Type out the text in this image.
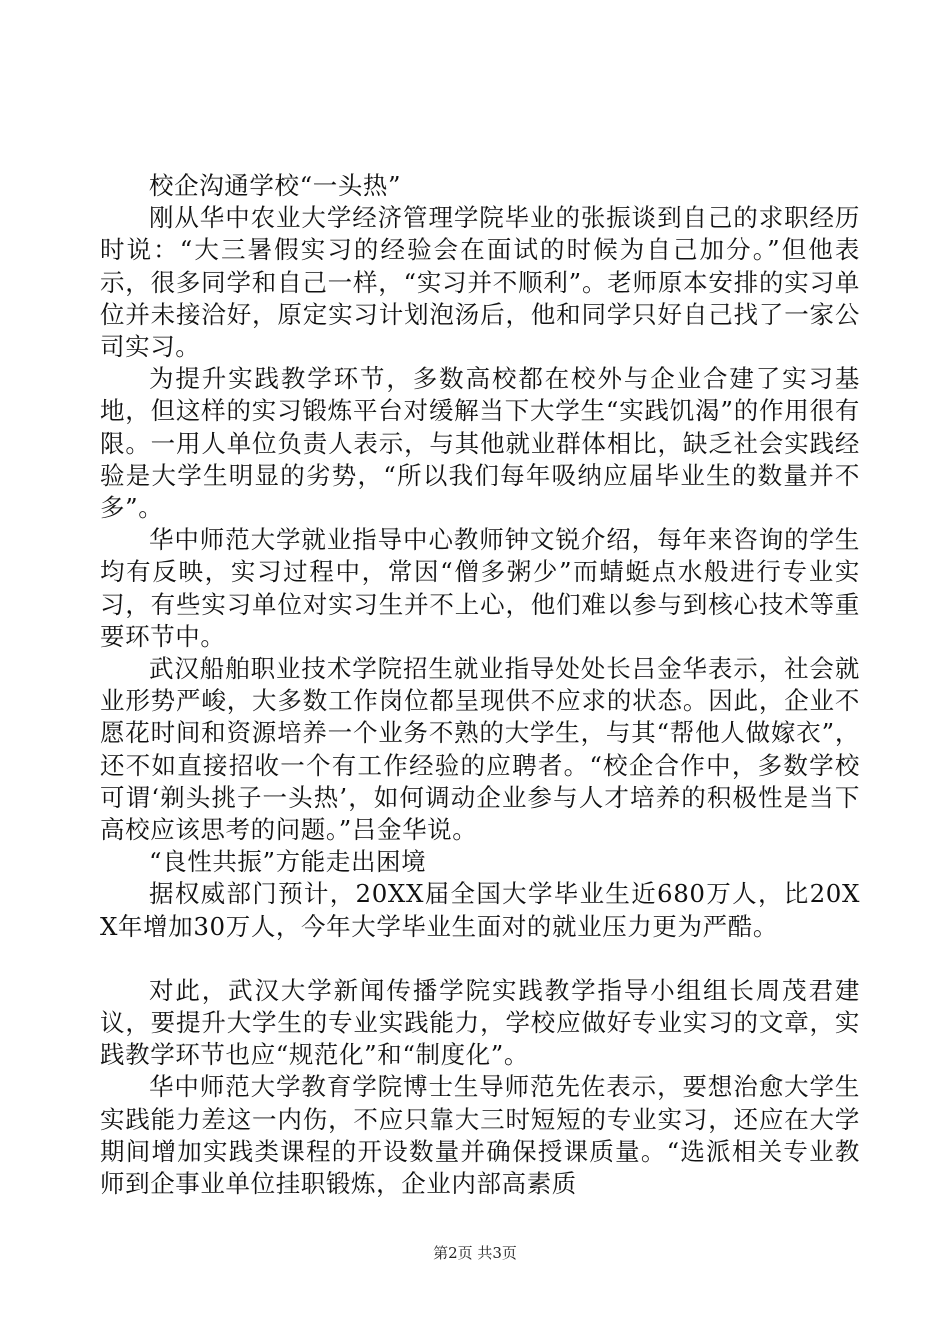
校企沟通学校“一头热”

刚从华中农业大学经济管理学院毕业的张振谈到自己的求职经历时说：“大三暑假实习的经验会在面试的时候为自己加分。”但他表示，很多同学和自己一样，“实习并不顺利”。老师原本安排的实习单位并未接洽好，原定实习计划泡汤后，他和同学只好自己找了一家公司实习。

为提升实践教学环节，多数高校都在校外与企业合建了实习基地，但这样的实习锻炼平台对缓解当下大学生“实践饥渴”的作用很有限。一用人单位负责人表示，与其他就业群体相比，缺乏社会实践经验是大学生明显的劣势，“所以我们每年吸纳应届毕业生的数量并不多”。

华中师范大学就业指导中心教师钟文锐介绍，每年来咨询的学生均有反映，实习过程中，常因“僧多粥少”而蜻蜓点水般进行专业实习，有些实习单位对实习生并不上心，他们难以参与到核心技术等重要环节中。

武汉船舶职业技术学院招生就业指导处处长吕金华表示，社会就业形势严峻，大多数工作岗位都呈现供不应求的状态。因此，企业不愿花时间和资源培养一个业务不熟的大学生，与其“帮他人做嫁衣”，还不如直接招收一个有工作经验的应聘者。“校企合作中，多数学校可谓‘剃头挑子一头热’，如何调动企业参与人才培养的积极性是当下高校应该思考的问题。”吕金华说。

“良性共振”方能走出困境

据权威部门预计，20XX届全国大学毕业生近680万人，比20XX年增加30万人，今年大学毕业生面对的就业压力更为严酷。

对此，武汉大学新闻传播学院实践教学指导小组组长周茂君建议，要提升大学生的专业实践能力，学校应做好专业实习的文章，实践教学环节也应“规范化”和“制度化”。

华中师范大学教育学院博士生导师范先佐表示，要想治愈大学生实践能力差这一内伤，不应只靠大三时短短的专业实习，还应在大学期间增加实践类课程的开设数量并确保授课质量。“选派相关专业教师到企事业单位挂职锻炼，企业内部高素质

第2页 共3页
